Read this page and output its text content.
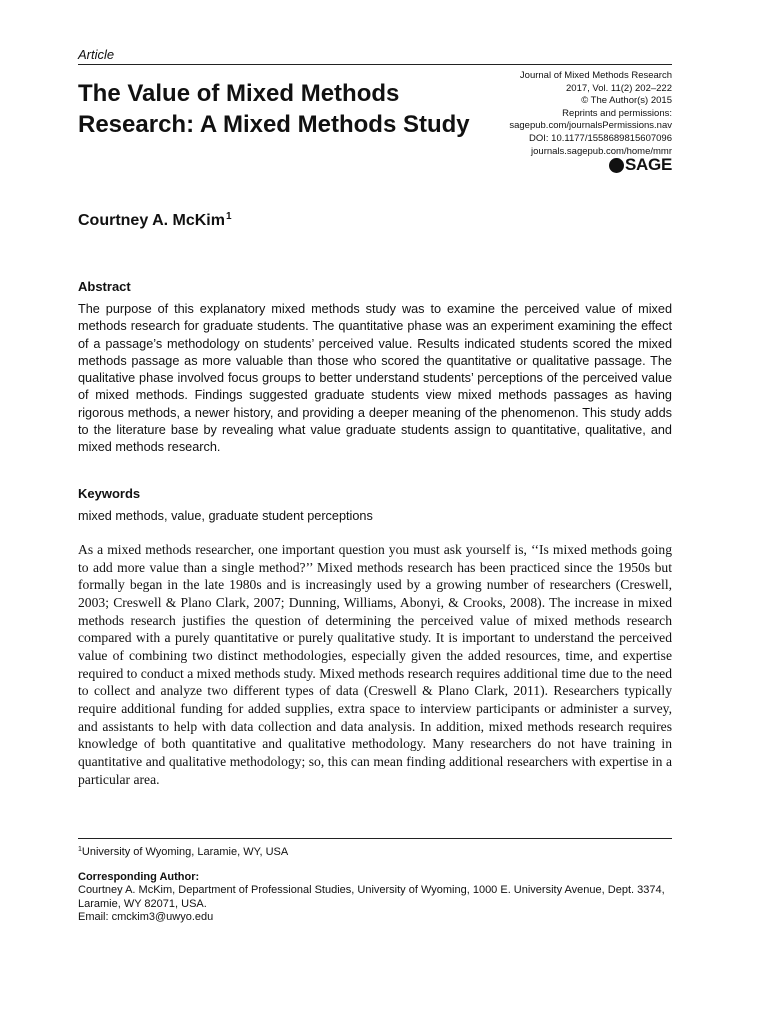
Article
The Value of Mixed Methods Research: A Mixed Methods Study
Journal of Mixed Methods Research
2017, Vol. 11(2) 202–222
© The Author(s) 2015
Reprints and permissions:
sagepub.com/journalsPermissions.nav
DOI: 10.1177/1558689815607096
journals.sagepub.com/home/mmr
SAGE
Courtney A. McKim$^1$
Abstract

The purpose of this explanatory mixed methods study was to examine the perceived value of mixed methods research for graduate students. The quantitative phase was an experiment examining the effect of a passage’s methodology on students’ perceived value. Results indicated students scored the mixed methods passage as more valuable than those who scored the quantitative or qualitative passage. The qualitative phase involved focus groups to better understand students’ perceptions of the perceived value of mixed methods. Findings suggested graduate students view mixed methods passages as having rigorous methods, a newer history, and providing a deeper meaning of the phenomenon. This study adds to the literature base by revealing what value graduate students assign to quantitative, qualitative, and mixed methods research.

Keywords
mixed methods, value, graduate student perceptions

As a mixed methods researcher, one important question you must ask yourself is, ‘‘Is mixed methods going to add more value than a single method?’’ Mixed methods research has been practiced since the 1950s but formally began in the late 1980s and is increasingly used by a growing number of researchers (Creswell, 2003; Creswell & Plano Clark, 2007; Dunning, Williams, Abonyi, & Crooks, 2008). The increase in mixed methods research justifies the question of determining the perceived value of mixed methods research compared with a purely quantitative or purely qualitative study. It is important to understand the perceived value of combining two distinct methodologies, especially given the added resources, time, and expertise required to conduct a mixed methods study. Mixed methods research requires additional time due to the need to collect and analyze two different types of data (Creswell & Plano Clark, 2011). Researchers typically require additional funding for added supplies, extra space to interview participants or administer a survey, and assistants to help with data collection and data analysis. In addition, mixed methods research requires knowledge of both quantitative and qualitative methodology. Many researchers do not have training in quantitative and qualitative methodology; so, this can mean finding additional researchers with expertise in a particular area.

$^1$University of Wyoming, Laramie, WY, USA
Corresponding Author:
Courtney A. McKim, Department of Professional Studies, University of Wyoming, 1000 E. University Avenue, Dept. 3374, Laramie, WY 82071, USA.
Email: cmckim3@uwyo.edu
